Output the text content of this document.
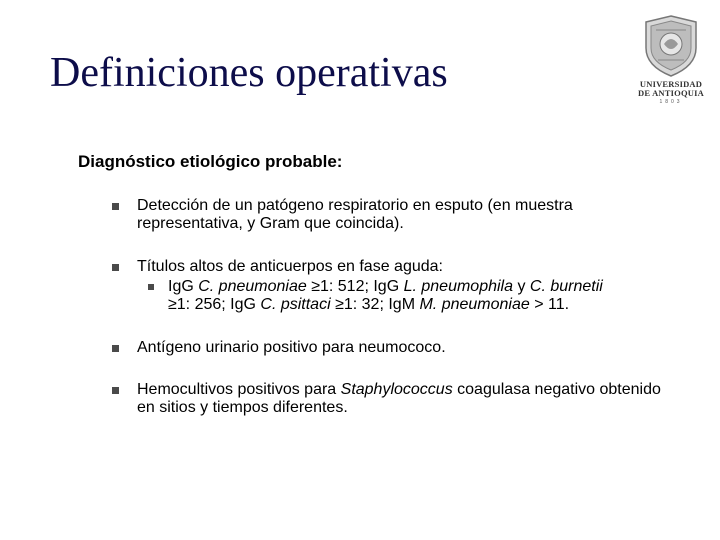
Definiciones operativas	UNIVERSIDAD
DE ANTIOQUIA
1803

Diagnóstico etiológico probable:

Detección de un patógeno respiratorio en esputo (en muestra representativa, y Gram que coincida).

Títulos altos de anticuerpos en fase aguda:

IgG C. pneumoniae ≥1: 512; IgG L. pneumophila y C. burnetii
≥1: 256; IgG C. psittaci ≥1: 32; IgM M. pneumoniae > 11.

Antígeno urinario positivo para neumococo.

Hemocultivos positivos para Staphylococcus coagulasa negativo obtenido en sitios y tiempos diferentes.
